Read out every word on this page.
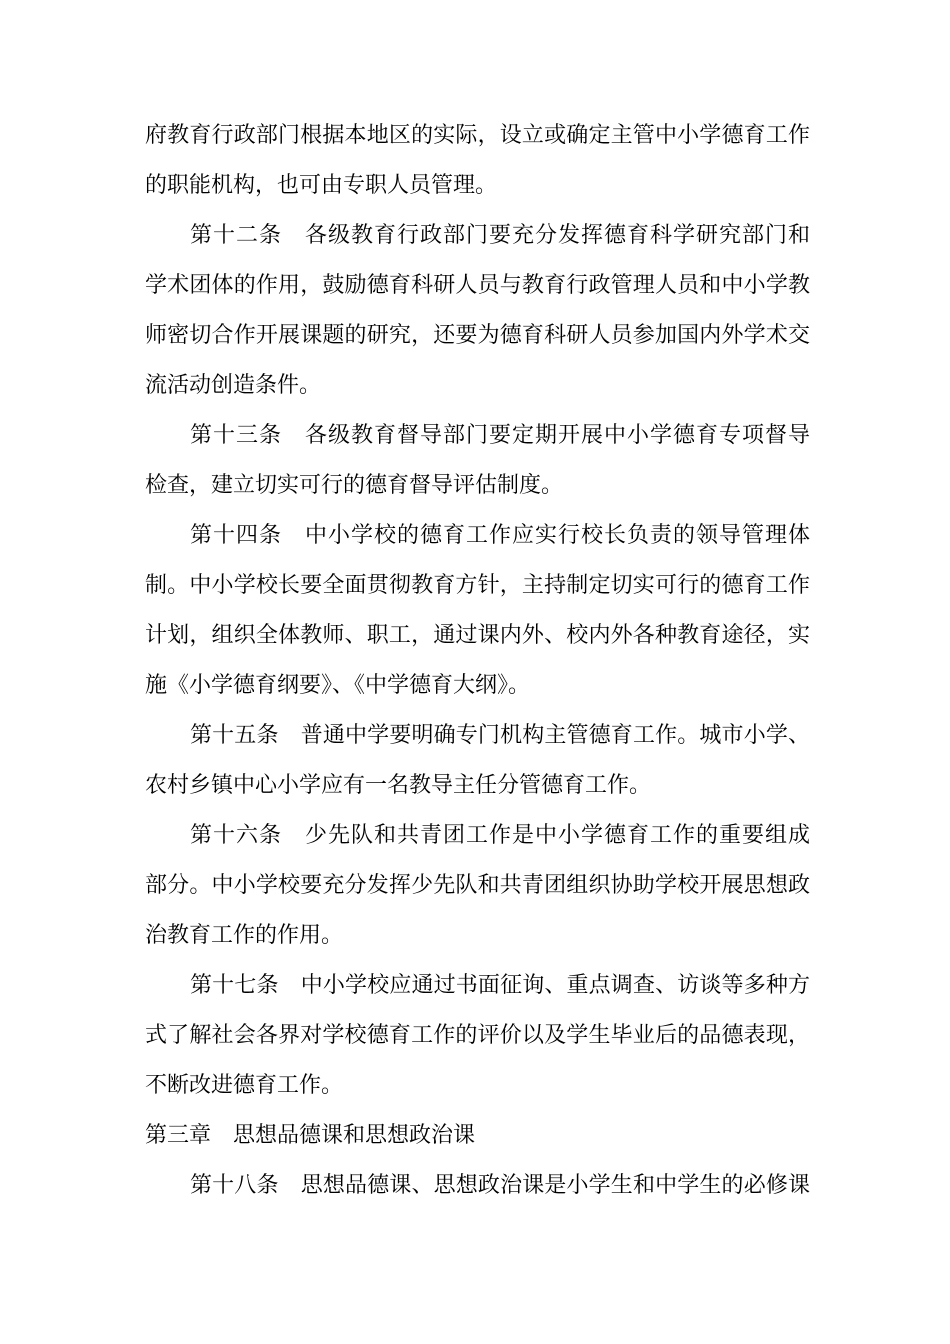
府教育行政部门根据本地区的实际，设立或确定主管中小学德育工作
的职能机构，也可由专职人员管理。
第十二条　各级教育行政部门要充分发挥德育科学研究部门和
学术团体的作用，鼓励德育科研人员与教育行政管理人员和中小学教
师密切合作开展课题的研究，还要为德育科研人员参加国内外学术交
流活动创造条件。
第十三条　各级教育督导部门要定期开展中小学德育专项督导
检查，建立切实可行的德育督导评估制度。
第十四条　中小学校的德育工作应实行校长负责的领导管理体
制。中小学校长要全面贯彻教育方针，主持制定切实可行的德育工作
计划，组织全体教师、职工，通过课内外、校内外各种教育途径，实
施《小学德育纲要》、《中学德育大纲》。
第十五条　普通中学要明确专门机构主管德育工作。城市小学、
农村乡镇中心小学应有一名教导主任分管德育工作。
第十六条　少先队和共青团工作是中小学德育工作的重要组成
部分。中小学校要充分发挥少先队和共青团组织协助学校开展思想政
治教育工作的作用。
第十七条　中小学校应通过书面征询、重点调查、访谈等多种方
式了解社会各界对学校德育工作的评价以及学生毕业后的品德表现，
不断改进德育工作。
第三章　思想品德课和思想政治课
第十八条　思想品德课、思想政治课是小学生和中学生的必修课
